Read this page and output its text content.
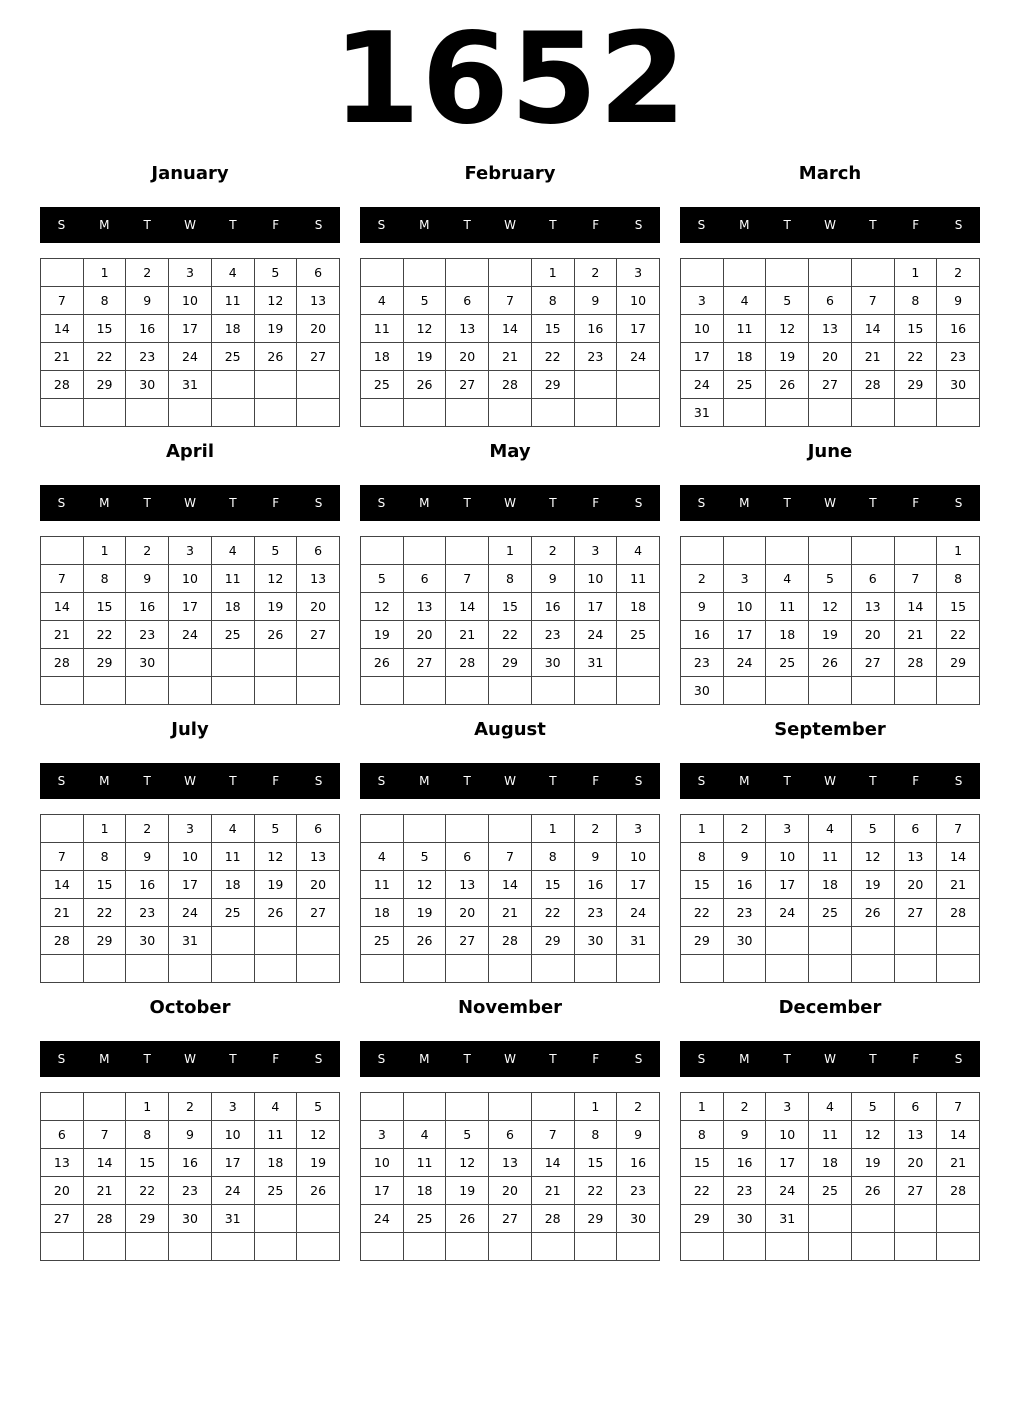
1652
January
S	M	T	W	T	F	S
	1	2	3	4	5	6
7	8	9	10	11	12	13
14	15	16	17	18	19	20
21	22	23	24	25	26	27
28	29	30	31			

February
S	M	T	W	T	F	S
				1	2	3
4	5	6	7	8	9	10
11	12	13	14	15	16	17
18	19	20	21	22	23	24
25	26	27	28	29		

March
S	M	T	W	T	F	S
					1	2
3	4	5	6	7	8	9
10	11	12	13	14	15	16
17	18	19	20	21	22	23
24	25	26	27	28	29	30
31						
April
S	M	T	W	T	F	S
	1	2	3	4	5	6
7	8	9	10	11	12	13
14	15	16	17	18	19	20
21	22	23	24	25	26	27
28	29	30				

May
S	M	T	W	T	F	S
			1	2	3	4
5	6	7	8	9	10	11
12	13	14	15	16	17	18
19	20	21	22	23	24	25
26	27	28	29	30	31	

June
S	M	T	W	T	F	S
						1
2	3	4	5	6	7	8
9	10	11	12	13	14	15
16	17	18	19	20	21	22
23	24	25	26	27	28	29
30						
July
S	M	T	W	T	F	S
	1	2	3	4	5	6
7	8	9	10	11	12	13
14	15	16	17	18	19	20
21	22	23	24	25	26	27
28	29	30	31			

August
S	M	T	W	T	F	S
				1	2	3
4	5	6	7	8	9	10
11	12	13	14	15	16	17
18	19	20	21	22	23	24
25	26	27	28	29	30	31

September
S	M	T	W	T	F	S
1	2	3	4	5	6	7
8	9	10	11	12	13	14
15	16	17	18	19	20	21
22	23	24	25	26	27	28
29	30					

October
S	M	T	W	T	F	S
		1	2	3	4	5
6	7	8	9	10	11	12
13	14	15	16	17	18	19
20	21	22	23	24	25	26
27	28	29	30	31		

November
S	M	T	W	T	F	S
					1	2
3	4	5	6	7	8	9
10	11	12	13	14	15	16
17	18	19	20	21	22	23
24	25	26	27	28	29	30

December
S	M	T	W	T	F	S
1	2	3	4	5	6	7
8	9	10	11	12	13	14
15	16	17	18	19	20	21
22	23	24	25	26	27	28
29	30	31				
